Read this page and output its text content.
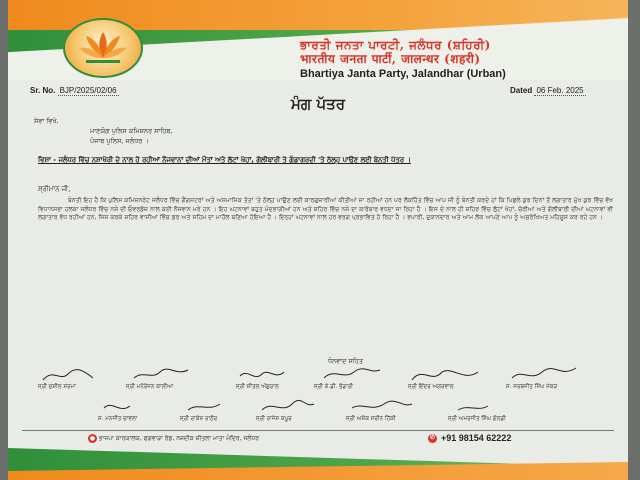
ਭਾਰਤੀ ਜਨਤਾ ਪਾਰਟੀ, ਜਲੰਧਰ (ਸ਼ਹਿਰੀ)
भारतीय जनता पार्टी, जालन्धर (शहरी)
Bhartiya Janta Party, Jalandhar (Urban)
Sr. No. BJP/2025/02/06	Dated 06 Feb. 2025
ਮੰਗ ਪੱਤਰ
ਸੇਵਾ ਵਿਖੇ,
ਮਾਣਯੋਗ ਪੁਲਿਸ ਕਮਿਸ਼ਨਰ ਸਾਹਿਬ,
ਪੰਜਾਬ ਪੁਲਿਸ, ਜਲੰਧਰ ।
ਵਿਸ਼ਾ - ਜਲੰਧਰ ਵਿੱਚ ਨਸ਼ਾਖੋਰੀ ਦੇ ਨਾਲ ਹੋ ਰਹੀਆਂ ਨੌਜਵਾਨਾਂ ਦੀਆਂ ਮੌਤਾਂ ਅਤੇ ਲੁੱਟਾਂ ਖੋਹਾਂ, ਗੋਲੀਬਾਰੀ ਤੇ ਗੁੰਡਾਗਰਦੀ 'ਤੇ ਠੱਲ੍ਹ ਪਾਉਣ ਲਈ ਬੇਨਤੀ ਪੱਤਰ ।
ਸ਼੍ਰੀਮਾਨ ਜੀ,
ਬੇਨਤੀ ਇਹ ਹੈ ਕਿ ਪੁਲਿਸ ਕਮਿਸ਼ਨਰੇਟ ਜਲੰਧਰ ਵਿੱਚ ਗੈਂਗਸਟਰਾਂ ਅਤੇ ਅਸਮਾਜਿਕ ਤੱਤਾਂ 'ਤੇ ਠੱਲ੍ਹ ਪਾਉਣ ਲਈ ਕਾਰਗੁਜ਼ਾਰੀਆਂ ਕੀਤੀਆਂ ਜਾ ਰਹੀਆਂ ਹਨ ਪਰ ਲੋਕਹਿੱਤ ਵਿੱਚ ਆਪ ਜੀ ਨੂੰ ਬੇਨਤੀ ਕਰਦੇ ਹਾਂ ਕਿ ਪਿਛਲੇ ਕੁਝ ਦਿਨਾਂ ਤੋਂ ਲਗਾਤਾਰ ਮੁੱਖ ਕੁਝ ਵਿੱਚ ਵੱਖ ਵਿਧਾਨਸਭਾ ਹਲਕਾ ਜਲੰਧਰ ਵਿੱਚ ਨਸ਼ੇ ਦੀ ਓਵਰਡੋਜ਼ ਨਾਲ ਕਈ ਨੌਜਵਾਨ ਮਰੇ ਹਨ । ਇਹ ਘਟਨਾਵਾਂ ਬਹੁਤ ਮੰਦਭਾਗੀਆਂ ਹਨ ਅਤੇ ਸ਼ਹਿਰ ਵਿੱਚ ਨਸ਼ੇ ਦਾ ਕਾਰੋਬਾਰ ਵਧਦਾ ਜਾ ਰਿਹਾ ਹੈ । ਇਸ ਦੇ ਨਾਲ ਹੀ ਸ਼ਹਿਰ ਵਿੱਚ ਲੁੱਟਾਂ ਖੋਹਾਂ, ਚੋਰੀਆਂ ਅਤੇ ਗੋਲੀਬਾਰੀ ਦੀਆਂ ਘਟਨਾਵਾਂ ਵੀ ਲਗਾਤਾਰ ਵੱਧ ਰਹੀਆਂ ਹਨ, ਜਿਸ ਕਰਕੇ ਸ਼ਹਿਰ ਵਾਸੀਆਂ ਵਿੱਚ ਡਰ ਅਤੇ ਸਹਿਮ ਦਾ ਮਾਹੌਲ ਬਣਿਆ ਹੋਇਆ ਹੈ । ਇਨ੍ਹਾਂ ਘਟਨਾਵਾਂ ਨਾਲ ਹਰ ਵਰਗ ਪ੍ਰਭਾਵਿਤ ਹੋ ਰਿਹਾ ਹੈ । ਵਪਾਰੀ, ਦੁਕਾਨਦਾਰ ਅਤੇ ਆਮ ਲੋਕ ਆਪਣੇ ਆਪ ਨੂੰ ਅਸੁਰੱਖਿਅਤ ਮਹਿਸੂਸ ਕਰ ਰਹੇ ਹਨ ।
ਧੰਨਵਾਦ ਸਹਿਤ
ਸ੍ਰੀ ਸੁਸ਼ੀਲ ਸ਼ਰਮਾ	ਸ੍ਰੀ ਮਨੋਰੰਜਨ ਕਾਲੀਆ	ਸ੍ਰੀ ਸ਼ੀਤਲ ਅੰਗੁਰਾਲ	ਸ੍ਰੀ ਕੇ.ਡੀ. ਭੰਡਾਰੀ	ਸ੍ਰੀ ਇੰਦਰ ਅਗਰਵਾਲ	ਸ. ਸਰਬਜੀਤ ਸਿੰਘ ਮੱਕੜ
ਸ. ਮਨਜੀਤ ਚਾਵਲਾ	ਸ੍ਰੀ ਰਾਕੇਸ਼ ਰਾਠੌਰ	ਸ੍ਰੀ ਰਾਜੇਸ਼ ਕਪੂਰ	ਸ੍ਰੀ ਅਸ਼ੋਕ ਸਰੀਨ ਹਿੱਕੀ	ਸ੍ਰੀ ਅਮਰਜੀਤ ਸਿੰਘ ਗੋਲਡੀ
● ਭਾਜਪਾ ਕਾਰਯਾਲਯ, ਫਗਵਾੜਾ ਰੋਡ, ਨਜ਼ਦੀਕ ਸ਼ੀਤਲਾ ਮਾਤਾ ਮੰਦਿਰ, ਜਲੰਧਰ	✆ +91 98154 62222
